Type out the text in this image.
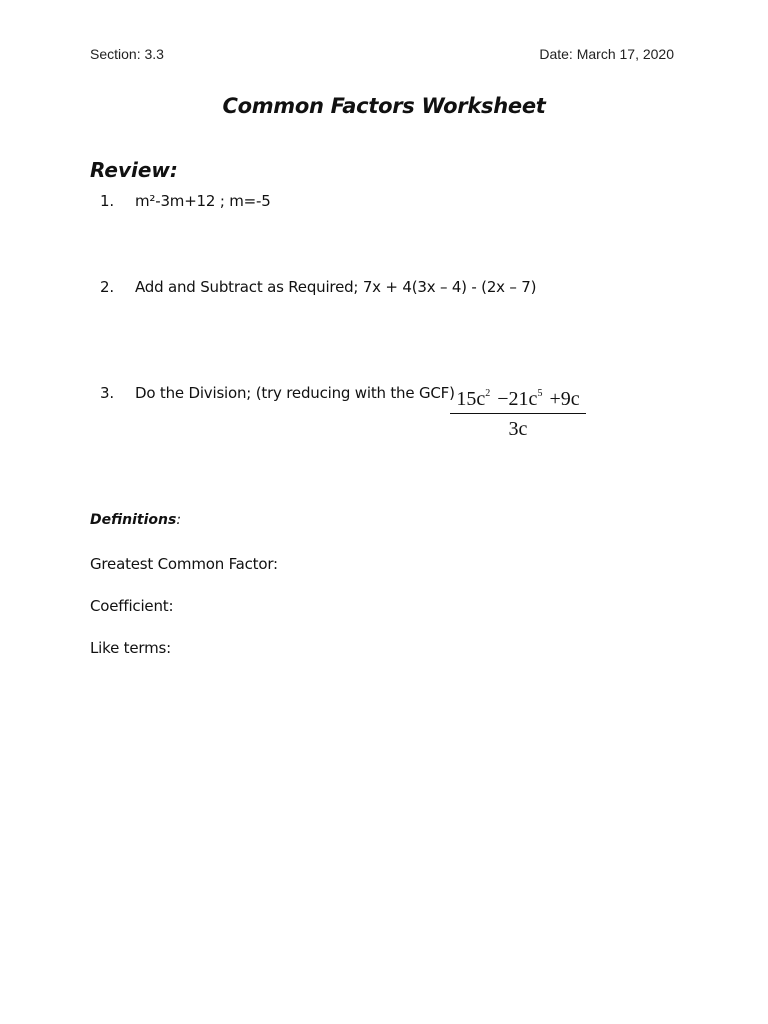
Section: 3.3	Date: March 17, 2020
Common Factors Worksheet
Review:
1. m²-3m+12 ; m=-5
2. Add and Subtract as Required; 7x + 4(3x – 4) - (2x – 7)
3. Do the Division; (try reducing with the GCF)
$\frac{15c^2 -21c^5 +9c}{3c}$
Definitions:
Greatest Common Factor:
Coefficient:
Like terms:
